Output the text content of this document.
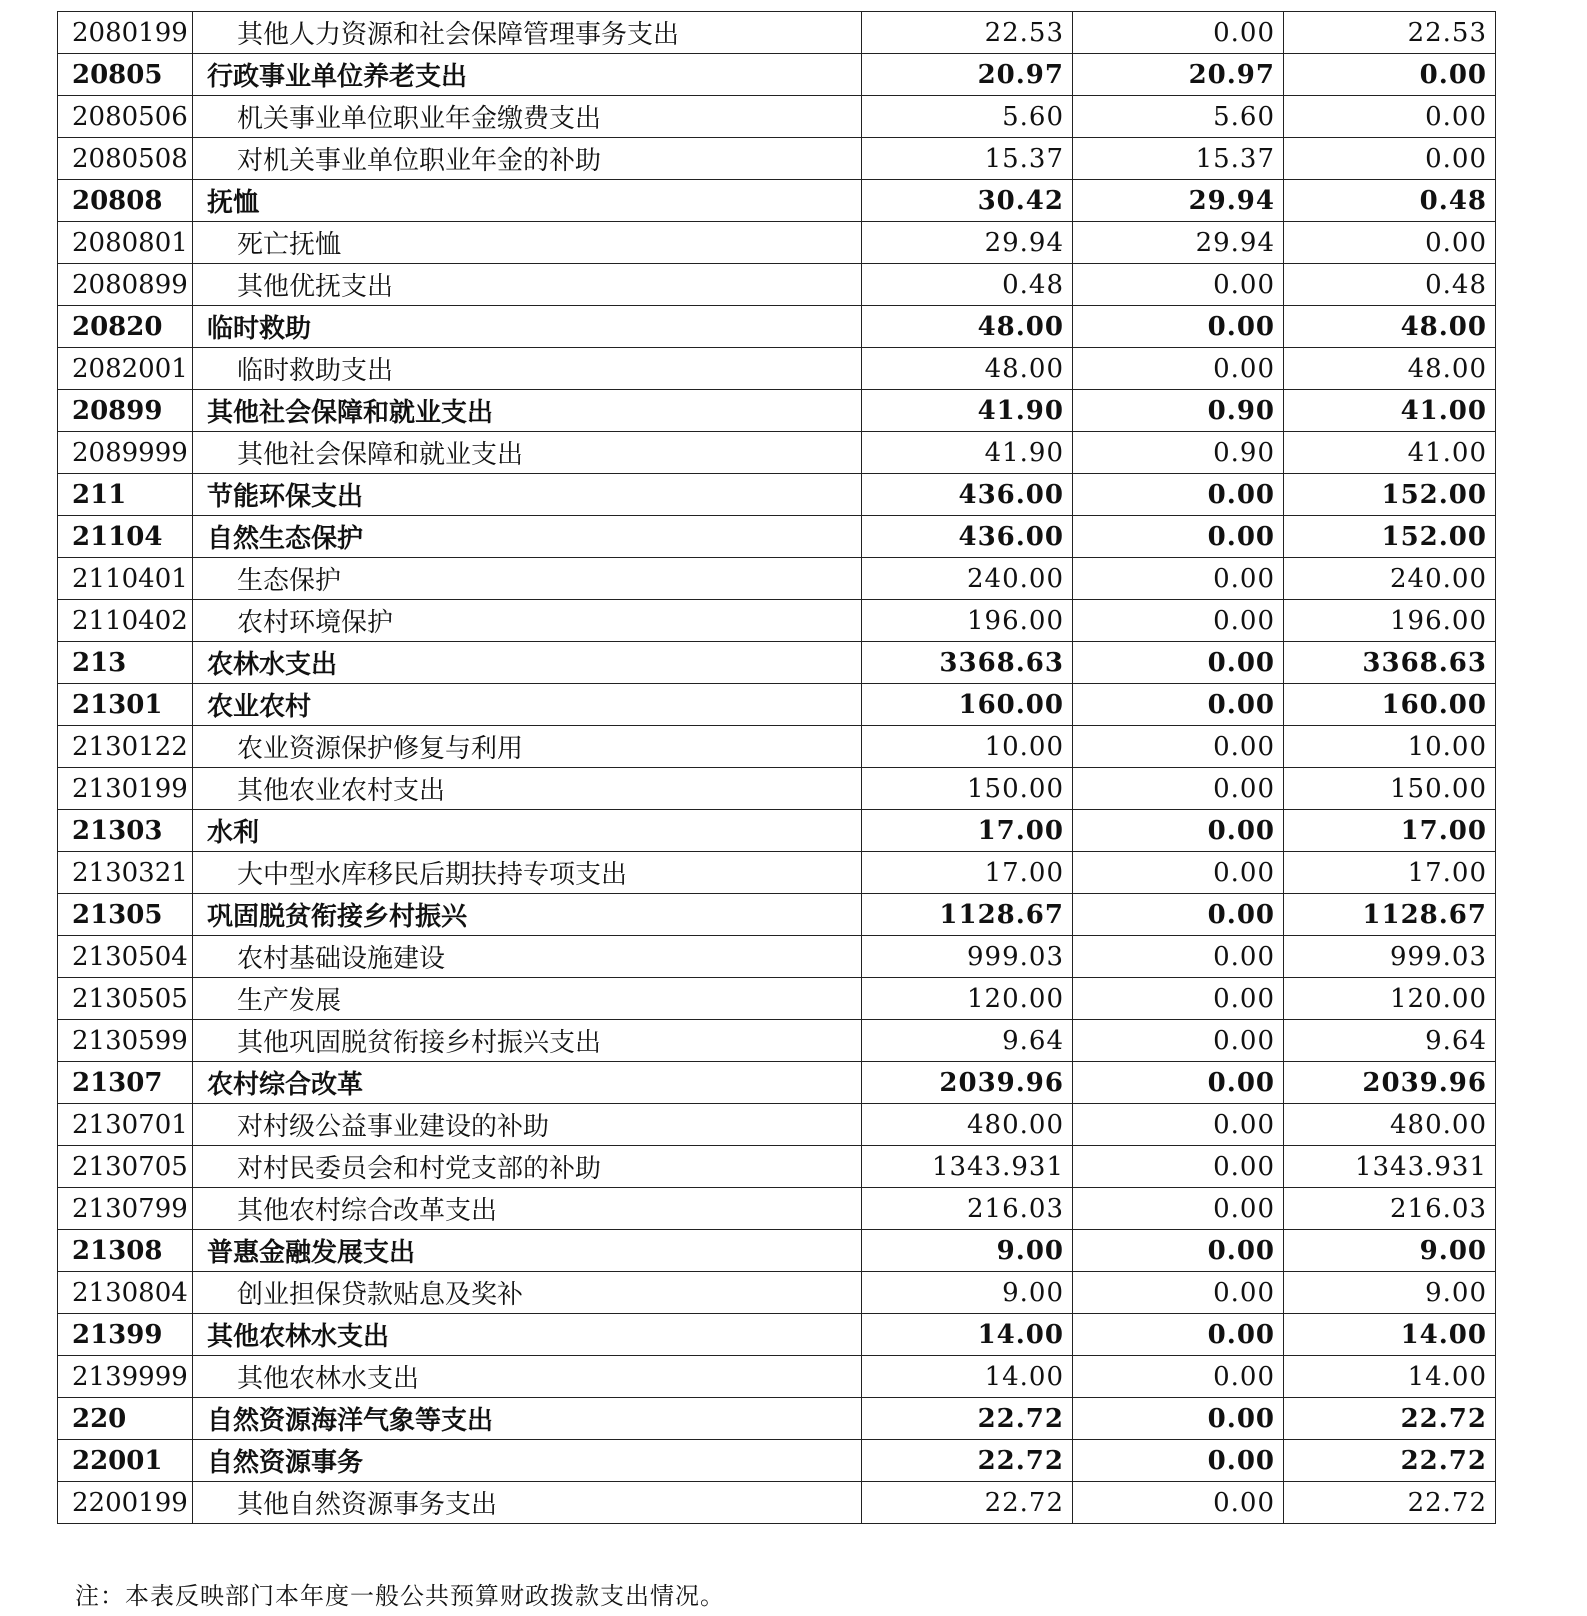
2080199	其他人力资源和社会保障管理事务支出	22.53	0.00	22.53
20805	行政事业单位养老支出	20.97	20.97	0.00
2080506	机关事业单位职业年金缴费支出	5.60	5.60	0.00
2080508	对机关事业单位职业年金的补助	15.37	15.37	0.00
20808	抚恤	30.42	29.94	0.48
2080801	死亡抚恤	29.94	29.94	0.00
2080899	其他优抚支出	0.48	0.00	0.48
20820	临时救助	48.00	0.00	48.00
2082001	临时救助支出	48.00	0.00	48.00
20899	其他社会保障和就业支出	41.90	0.90	41.00
2089999	其他社会保障和就业支出	41.90	0.90	41.00
211	节能环保支出	436.00	0.00	152.00
21104	自然生态保护	436.00	0.00	152.00
2110401	生态保护	240.00	0.00	240.00
2110402	农村环境保护	196.00	0.00	196.00
213	农林水支出	3368.63	0.00	3368.63
21301	农业农村	160.00	0.00	160.00
2130122	农业资源保护修复与利用	10.00	0.00	10.00
2130199	其他农业农村支出	150.00	0.00	150.00
21303	水利	17.00	0.00	17.00
2130321	大中型水库移民后期扶持专项支出	17.00	0.00	17.00
21305	巩固脱贫衔接乡村振兴	1128.67	0.00	1128.67
2130504	农村基础设施建设	999.03	0.00	999.03
2130505	生产发展	120.00	0.00	120.00
2130599	其他巩固脱贫衔接乡村振兴支出	9.64	0.00	9.64
21307	农村综合改革	2039.96	0.00	2039.96
2130701	对村级公益事业建设的补助	480.00	0.00	480.00
2130705	对村民委员会和村党支部的补助	1343.931	0.00	1343.931
2130799	其他农村综合改革支出	216.03	0.00	216.03
21308	普惠金融发展支出	9.00	0.00	9.00
2130804	创业担保贷款贴息及奖补	9.00	0.00	9.00
21399	其他农林水支出	14.00	0.00	14.00
2139999	其他农林水支出	14.00	0.00	14.00
220	自然资源海洋气象等支出	22.72	0.00	22.72
22001	自然资源事务	22.72	0.00	22.72
2200199	其他自然资源事务支出	22.72	0.00	22.72
注：本表反映部门本年度一般公共预算财政拨款支出情况。
